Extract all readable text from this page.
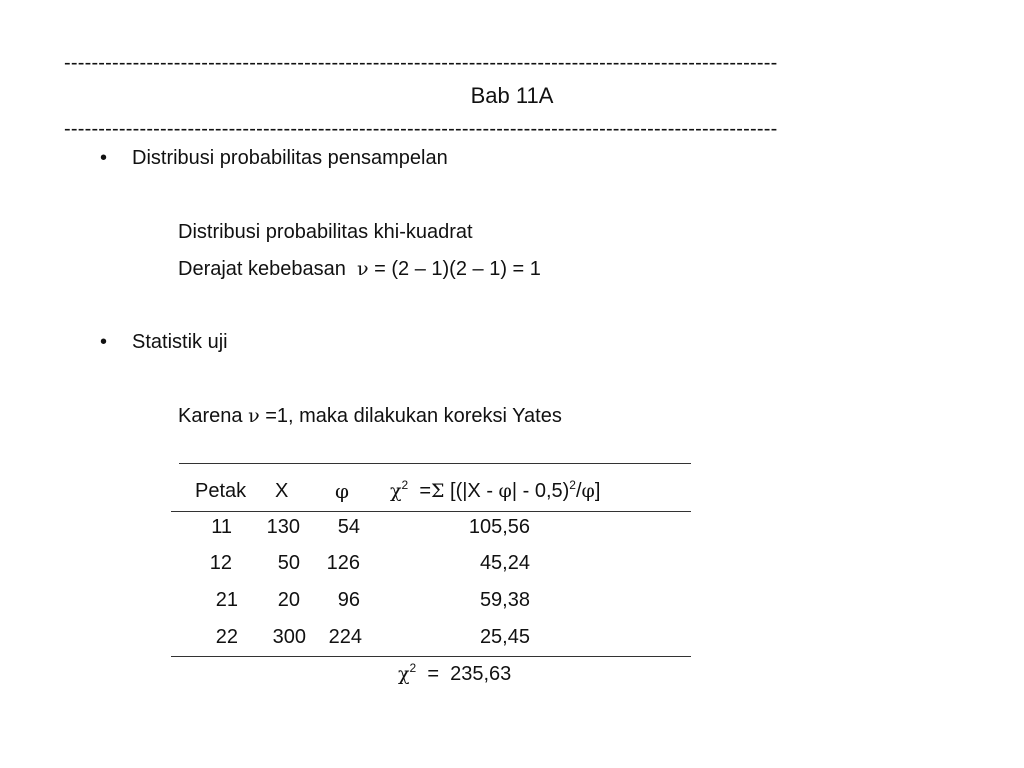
--------------------------------------------------------------------------------------------------------
Bab 11A
--------------------------------------------------------------------------------------------------------
• Distribusi probabilitas pensampelan
Distribusi probabilitas khi-kuadrat
Derajat kebebasan ν = (2 – 1)(2 – 1) = 1
• Statistik uji
Karena ν =1, maka dilakukan koreksi Yates
Petak X φ $\chi^2 =\Sigma$ [(|X - φ| - 0,5)$^2$/φ]
11	130	54	105,56
12	50	126	45,24
21	20	96	59,38
22	300	224	25,45
$\chi^2 = 235,63$
